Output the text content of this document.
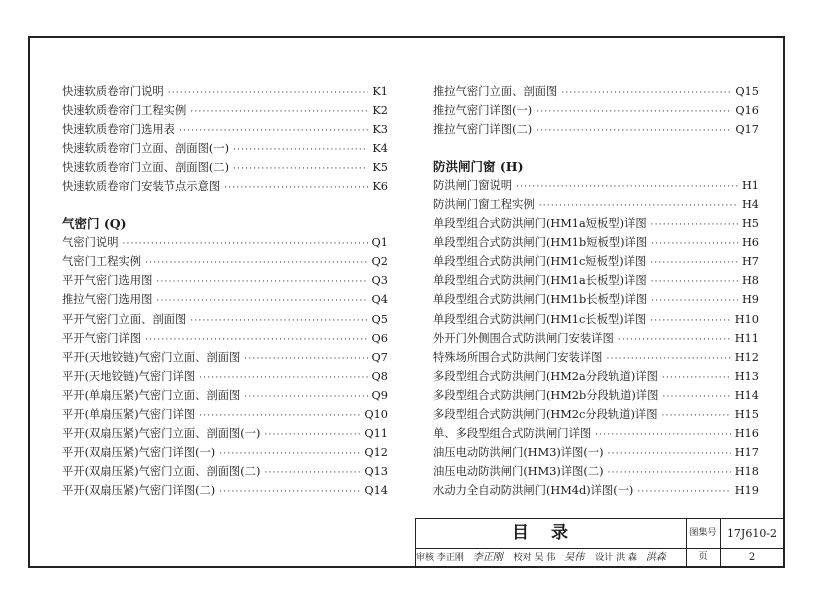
快速软质卷帘门说明 ·····	K1
快速软质卷帘门工程实例 ·····	K2
快速软质卷帘门选用表 ·····	K3
快速软质卷帘门立面、剖面图(一) ·····	K4
快速软质卷帘门立面、剖面图(二) ·····	K5
快速软质卷帘门安装节点示意图 ·····	K6
气密门 (Q)
气密门说明 ·····	Q1
气密门工程实例 ·····	Q2
平开气密门选用图 ·····	Q3
推拉气密门选用图 ·····	Q4
平开气密门立面、剖面图 ·····	Q5
平开气密门详图 ·····	Q6
平开(天地铰链)气密门立面、剖面图 ·····	Q7
平开(天地铰链)气密门详图 ·····	Q8
平开(单扇压紧)气密门立面、剖面图 ·····	Q9
平开(单扇压紧)气密门详图 ·····	Q10
平开(双扇压紧)气密门立面、剖面图(一) ·····	Q11
平开(双扇压紧)气密门详图(一) ·····	Q12
平开(双扇压紧)气密门立面、剖面图(二) ·····	Q13
平开(双扇压紧)气密门详图(二) ·····	Q14
推拉气密门立面、剖面图 ·····	Q15
推拉气密门详图(一) ·····	Q16
推拉气密门详图(二) ·····	Q17
防洪闸门窗 (H)
防洪闸门窗说明 ·····	H1
防洪闸门窗工程实例 ·····	H4
单段型组合式防洪闸门(HM1a短板型)详图 ·····	H5
单段型组合式防洪闸门(HM1b短板型)详图 ·····	H6
单段型组合式防洪闸门(HM1c短板型)详图 ·····	H7
单段型组合式防洪闸门(HM1a长板型)详图 ·····	H8
单段型组合式防洪闸门(HM1b长板型)详图 ·····	H9
单段型组合式防洪闸门(HM1c长板型)详图 ·····	H10
外开门外侧围合式防洪闸门安装详图 ·····	H11
特殊场所围合式防洪闸门安装详图 ·····	H12
多段型组合式防洪闸门(HM2a分段轨道)详图 ·····	H13
多段型组合式防洪闸门(HM2b分段轨道)详图 ·····	H14
多段型组合式防洪闸门(HM2c分段轨道)详图 ·····	H15
单、多段型组合式防洪闸门详图 ·····	H16
油压电动防洪闸门(HM3)详图(一) ·····	H17
油压电动防洪闸门(HM3)详图(二) ·····	H18
水动力全自动防洪闸门(HM4d)详图(一) ·····	H19
目录	图集号 17J610-2
审核 李正刚 李正刚 校对 吴 伟 吴伟 设计 洪 森 洪森	页	2
